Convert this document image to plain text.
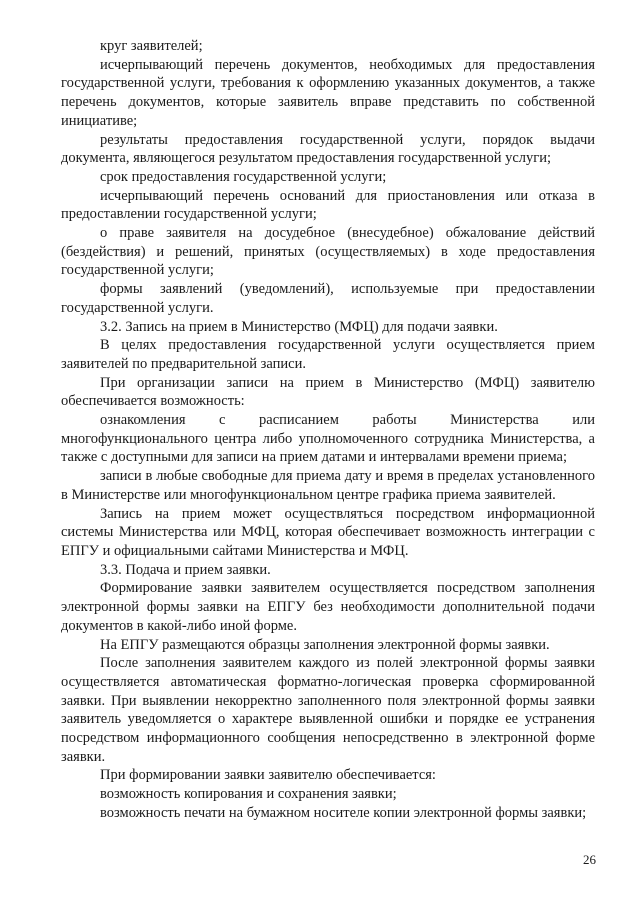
круг заявителей;

исчерпывающий перечень документов, необходимых для предоставления государственной услуги, требования к оформлению указанных документов, а также перечень документов, которые заявитель вправе представить по собственной инициативе;

результаты предоставления государственной услуги, порядок выдачи документа, являющегося результатом предоставления государственной услуги;

срок предоставления государственной услуги;

исчерпывающий перечень оснований для приостановления или отказа в предоставлении государственной услуги;

о праве заявителя на досудебное (внесудебное) обжалование действий (бездействия) и решений, принятых (осуществляемых) в ходе предоставления государственной услуги;

формы заявлений (уведомлений), используемые при предоставлении государственной услуги.

3.2. Запись на прием в Министерство (МФЦ) для подачи заявки.

В целях предоставления государственной услуги осуществляется прием заявителей по предварительной записи.

При организации записи на прием в Министерство (МФЦ) заявителю обеспечивается возможность:

ознакомления с расписанием работы Министерства или многофункционального центра либо уполномоченного сотрудника Министерства, а также с доступными для записи на прием датами и интервалами времени приема;

записи в любые свободные для приема дату и время в пределах установленного в Министерстве или многофункциональном центре графика приема заявителей.

Запись на прием может осуществляться посредством информационной системы Министерства или МФЦ, которая обеспечивает возможность интеграции с ЕПГУ и официальными сайтами Министерства и МФЦ.

3.3. Подача и прием заявки.

Формирование заявки заявителем осуществляется посредством заполнения электронной формы заявки на ЕПГУ без необходимости дополнительной подачи документов в какой-либо иной форме.

На ЕПГУ размещаются образцы заполнения электронной формы заявки.

После заполнения заявителем каждого из полей электронной формы заявки осуществляется автоматическая форматно-логическая проверка сформированной заявки. При выявлении некорректно заполненного поля электронной формы заявки заявитель уведомляется о характере выявленной ошибки и порядке ее устранения посредством информационного сообщения непосредственно в электронной форме заявки.

При формировании заявки заявителю обеспечивается:

возможность копирования и сохранения заявки;

возможность печати на бумажном носителе копии электронной формы заявки;

26
